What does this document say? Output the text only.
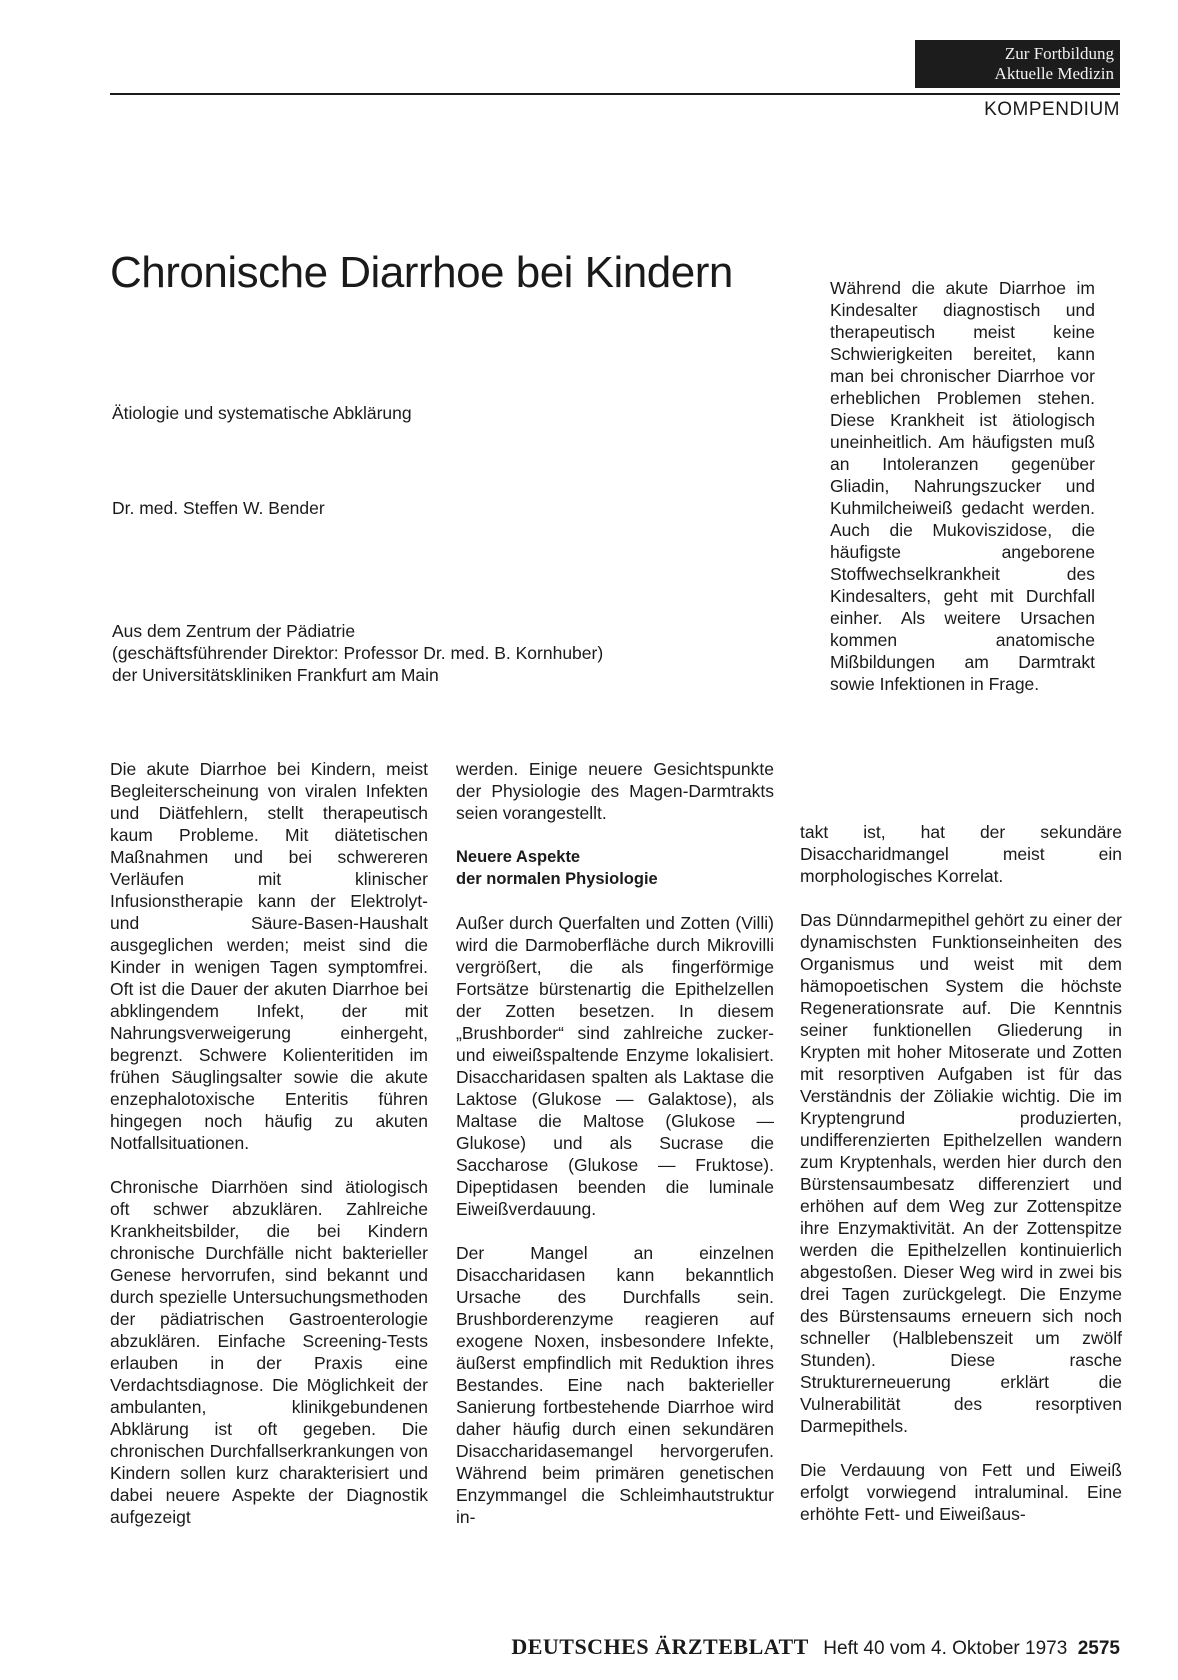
Zur Fortbildung
Aktuelle Medizin
KOMPENDIUM
Chronische Diarrhoe bei Kindern
Ätiologie und systematische Abklärung
Dr. med. Steffen W. Bender
Aus dem Zentrum der Pädiatrie
(geschäftsführender Direktor: Professor Dr. med. B. Kornhuber)
der Universitätskliniken Frankfurt am Main

Während die akute Diarrhoe im Kindesalter diagnostisch und therapeutisch meist keine Schwierigkeiten bereitet, kann man bei chronischer Diarrhoe vor erheblichen Problemen stehen. Diese Krankheit ist ätiologisch uneinheitlich. Am häufigsten muß an Intoleranzen gegenüber Gliadin, Nahrungszucker und Kuhmilcheiweiß gedacht werden. Auch die Mukoviszidose, die häufigste angeborene Stoffwechselkrankheit des Kindesalters, geht mit Durchfall einher. Als weitere Ursachen kommen anatomische Mißbildungen am Darmtrakt sowie Infektionen in Frage.

Die akute Diarrhoe bei Kindern, meist Begleiterscheinung von viralen Infekten und Diätfehlern, stellt therapeutisch kaum Probleme. Mit diätetischen Maßnahmen und bei schwereren Verläufen mit klinischer Infusionstherapie kann der Elektrolyt- und Säure-Basen-Haushalt ausgeglichen werden; meist sind die Kinder in wenigen Tagen symptomfrei. Oft ist die Dauer der akuten Diarrhoe bei abklingendem Infekt, der mit Nahrungsverweigerung einhergeht, begrenzt. Schwere Kolienteritiden im frühen Säuglingsalter sowie die akute enzephalotoxische Enteritis führen hingegen noch häufig zu akuten Notfallsituationen.

Chronische Diarrhöen sind ätiologisch oft schwer abzuklären. Zahlreiche Krankheitsbilder, die bei Kindern chronische Durchfälle nicht bakterieller Genese hervorrufen, sind bekannt und durch spezielle Untersuchungsmethoden der pädiatrischen Gastroenterologie abzuklären. Einfache Screening-Tests erlauben in der Praxis eine Verdachtsdiagnose. Die Möglichkeit der ambulanten, klinikgebundenen Abklärung ist oft gegeben. Die chronischen Durchfallserkrankungen von Kindern sollen kurz charakterisiert und dabei neuere Aspekte der Diagnostik aufgezeigt

werden. Einige neuere Gesichtspunkte der Physiologie des Magen-Darmtrakts seien vorangestellt.

Neuere Aspekte
der normalen Physiologie

Außer durch Querfalten und Zotten (Villi) wird die Darmoberfläche durch Mikrovilli vergrößert, die als fingerförmige Fortsätze bürstenartig die Epithelzellen der Zotten besetzen. In diesem „Brushborder“ sind zahlreiche zucker- und eiweißspaltende Enzyme lokalisiert. Disaccharidasen spalten als Laktase die Laktose (Glukose — Galaktose), als Maltase die Maltose (Glukose — Glukose) und als Sucrase die Saccharose (Glukose — Fruktose). Dipeptidasen beenden die luminale Eiweißverdauung.

Der Mangel an einzelnen Disaccharidasen kann bekanntlich Ursache des Durchfalls sein. Brushborderenzyme reagieren auf exogene Noxen, insbesondere Infekte, äußerst empfindlich mit Reduktion ihres Bestandes. Eine nach bakterieller Sanierung fortbestehende Diarrhoe wird daher häufig durch einen sekundären Disaccharidasemangel hervorgerufen. Während beim primären genetischen Enzymmangel die Schleimhautstruktur in-

takt ist, hat der sekundäre Disaccharidmangel meist ein morphologisches Korrelat.

Das Dünndarmepithel gehört zu einer der dynamischsten Funktionseinheiten des Organismus und weist mit dem hämopoetischen System die höchste Regenerationsrate auf. Die Kenntnis seiner funktionellen Gliederung in Krypten mit hoher Mitoserate und Zotten mit resorptiven Aufgaben ist für das Verständnis der Zöliakie wichtig. Die im Kryptengrund produzierten, undifferenzierten Epithelzellen wandern zum Kryptenhals, werden hier durch den Bürstensaumbesatz differenziert und erhöhen auf dem Weg zur Zottenspitze ihre Enzymaktivität. An der Zottenspitze werden die Epithelzellen kontinuierlich abgestoßen. Dieser Weg wird in zwei bis drei Tagen zurückgelegt. Die Enzyme des Bürstensaums erneuern sich noch schneller (Halblebenszeit um zwölf Stunden). Diese rasche Strukturerneuerung erklärt die Vulnerabilität des resorptiven Darmepithels.

Die Verdauung von Fett und Eiweiß erfolgt vorwiegend intraluminal. Eine erhöhte Fett- und Eiweißaus-

DEUTSCHES ÄRZTEBLATT Heft 40 vom 4. Oktober 1973 2575
